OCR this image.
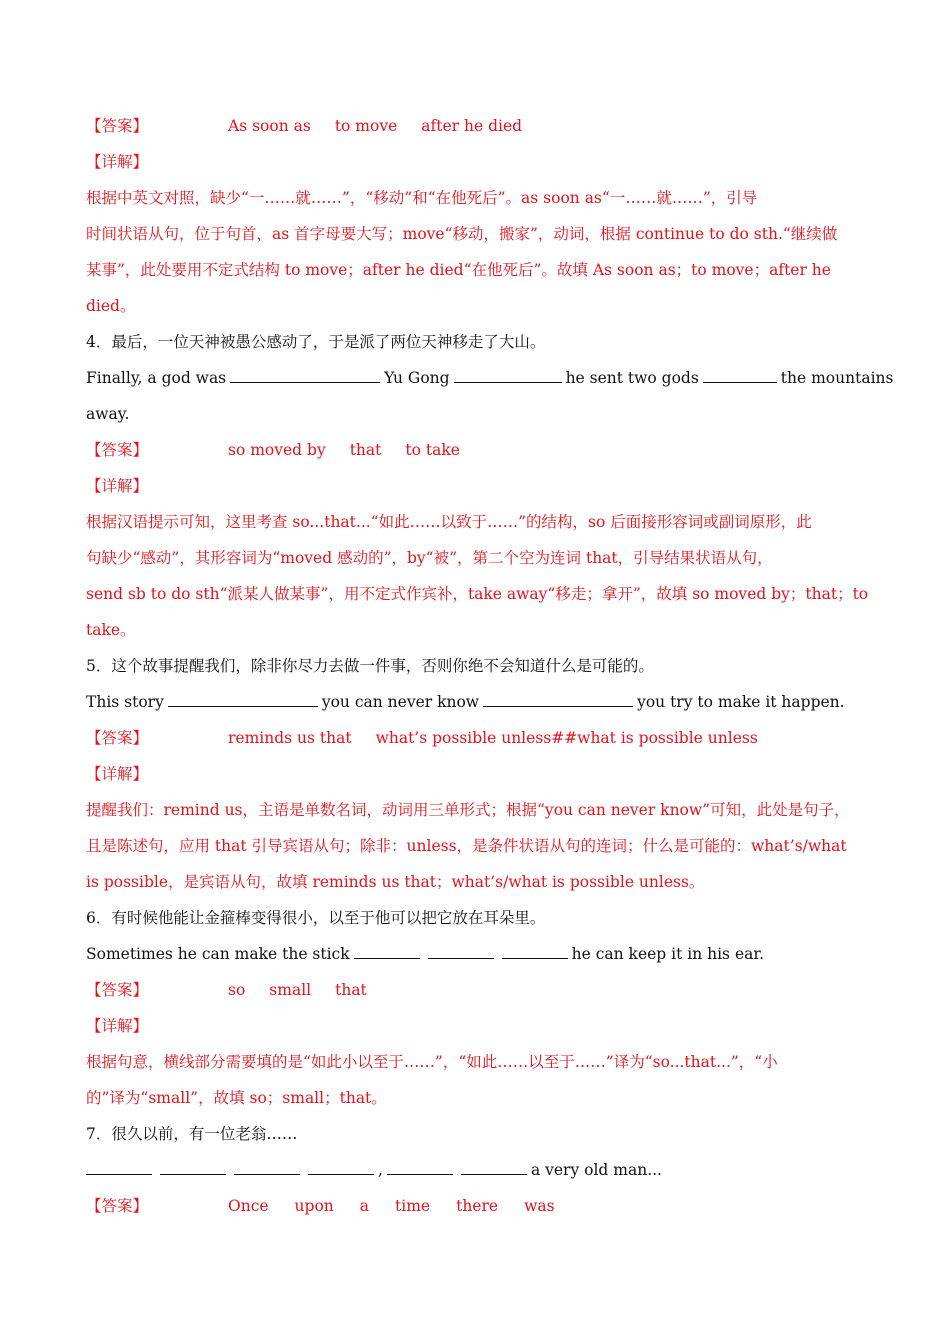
【答案】	As soon as to move after he died
【详解】
根据中英文对照，缺少“一……就……”，“移动”和“在他死后”。as soon as“一……就……”，引导
时间状语从句，位于句首，as 首字母要大写；move“移动，搬家”，动词，根据 continue to do sth.“继续做
某事”，此处要用不定式结构 to move；after he died“在他死后”。故填 As soon as；to move；after he
died。
4．最后，一位天神被愚公感动了，于是派了两位天神移走了大山。
Finally, a god was	Yu Gong	he sent two gods	the mountains
away.
【答案】	so moved by that to take
【详解】
根据汉语提示可知，这里考查 so...that...“如此……以致于……”的结构，so 后面接形容词或副词原形，此
句缺少“感动”，其形容词为“moved 感动的”，by“被”，第二个空为连词 that，引导结果状语从句，
send sb to do sth“派某人做某事”，用不定式作宾补，take away“移走；拿开”，故填 so moved by；that；to
take。
5．这个故事提醒我们，除非你尽力去做一件事，否则你绝不会知道什么是可能的。
This story	you can never know	you try to make it happen.
【答案】	reminds us that what’s possible unless##what is possible unless
【详解】
提醒我们：remind us，主语是单数名词，动词用三单形式；根据“you can never know”可知，此处是句子，
且是陈述句，应用 that 引导宾语从句；除非：unless，是条件状语从句的连词；什么是可能的：what’s/what
is possible，是宾语从句，故填 reminds us that；what’s/what is possible unless。
6．有时候他能让金箍棒变得很小，以至于他可以把它放在耳朵里。
Sometimes he can make the stick	he can keep it in his ear.
【答案】	so small that
【详解】
根据句意，横线部分需要填的是“如此小以至于……”，“如此……以至于……”译为“so...that...”，“小
的”译为“small”，故填 so；small；that。
7．很久以前，有一位老翁……
,	a very old man...
【答案】	Once upon a time there was
